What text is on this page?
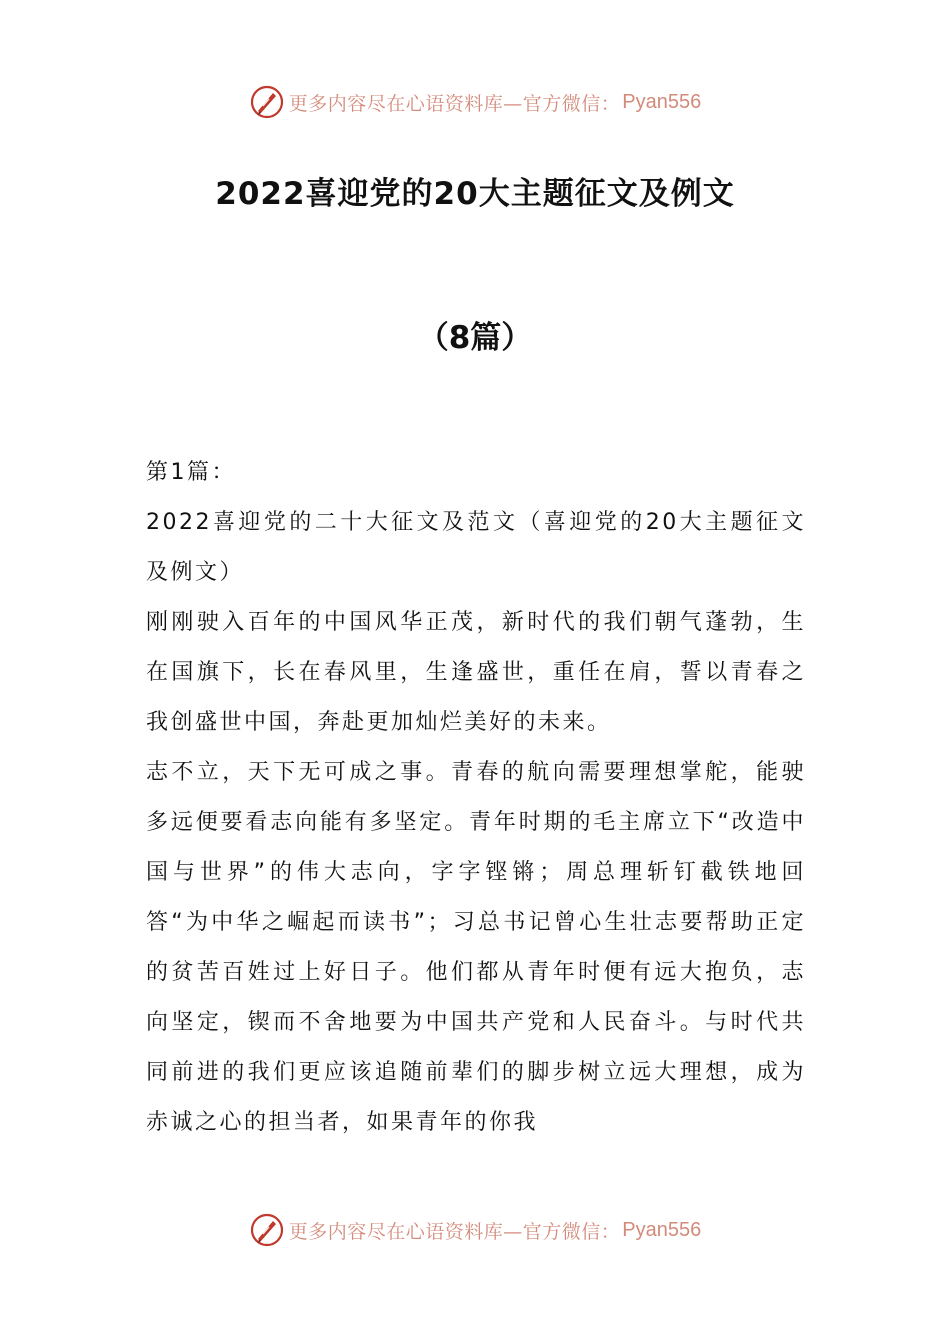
更多内容尽在心语资料库—官方微信： Pyan556
2022喜迎党的20大主题征文及例文
（8篇）

第1篇：

2022喜迎党的二十大征文及范文（喜迎党的20大主题征文及例文）

刚刚驶入百年的中国风华正茂，新时代的我们朝气蓬勃，生在国旗下，长在春风里，生逢盛世，重任在肩，誓以青春之我创盛世中国，奔赴更加灿烂美好的未来。

志不立，天下无可成之事。青春的航向需要理想掌舵，能驶多远便要看志向能有多坚定。青年时期的毛主席立下“改造中国与世界”的伟大志向，字字铿锵；周总理斩钉截铁地回答“为中华之崛起而读书”；习总书记曾心生壮志要帮助正定的贫苦百姓过上好日子。他们都从青年时便有远大抱负，志向坚定，锲而不舍地要为中国共产党和人民奋斗。与时代共同前进的我们更应该追随前辈们的脚步树立远大理想，成为赤诚之心的担当者，如果青年的你我

更多内容尽在心语资料库—官方微信： Pyan556
